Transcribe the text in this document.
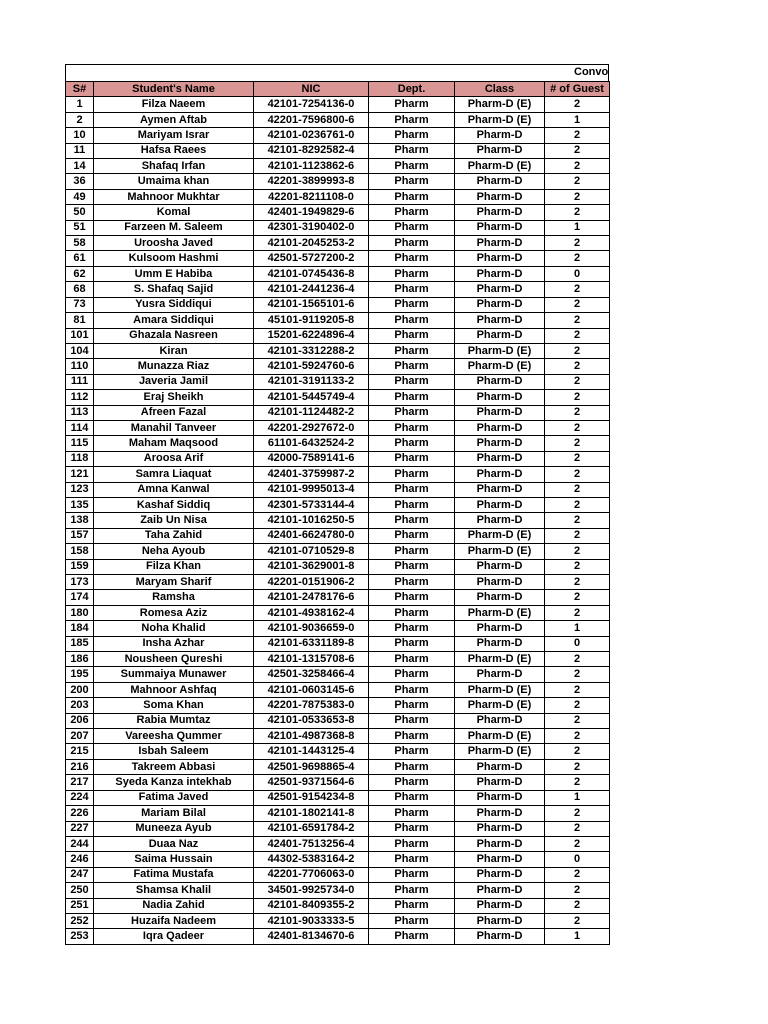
Convo
S#	Student's Name	NIC	Dept.	Class	# of Guest
1	Filza Naeem	42101-7254136-0	Pharm	Pharm-D (E)	2
2	Aymen Aftab	42201-7596800-6	Pharm	Pharm-D (E)	1
10	Mariyam Israr	42101-0236761-0	Pharm	Pharm-D	2
11	Hafsa Raees	42101-8292582-4	Pharm	Pharm-D	2
14	Shafaq Irfan	42101-1123862-6	Pharm	Pharm-D (E)	2
36	Umaima khan	42201-3899993-8	Pharm	Pharm-D	2
49	Mahnoor Mukhtar	42201-8211108-0	Pharm	Pharm-D	2
50	Komal	42401-1949829-6	Pharm	Pharm-D	2
51	Farzeen M. Saleem	42301-3190402-0	Pharm	Pharm-D	1
58	Uroosha Javed	42101-2045253-2	Pharm	Pharm-D	2
61	Kulsoom Hashmi	42501-5727200-2	Pharm	Pharm-D	2
62	Umm E Habiba	42101-0745436-8	Pharm	Pharm-D	0
68	S. Shafaq Sajid	42101-2441236-4	Pharm	Pharm-D	2
73	Yusra Siddiqui	42101-1565101-6	Pharm	Pharm-D	2
81	Amara Siddiqui	45101-9119205-8	Pharm	Pharm-D	2
101	Ghazala Nasreen	15201-6224896-4	Pharm	Pharm-D	2
104	Kiran	42101-3312288-2	Pharm	Pharm-D (E)	2
110	Munazza Riaz	42101-5924760-6	Pharm	Pharm-D (E)	2
111	Javeria Jamil	42101-3191133-2	Pharm	Pharm-D	2
112	Eraj Sheikh	42101-5445749-4	Pharm	Pharm-D	2
113	Afreen Fazal	42101-1124482-2	Pharm	Pharm-D	2
114	Manahil Tanveer	42201-2927672-0	Pharm	Pharm-D	2
115	Maham Maqsood	61101-6432524-2	Pharm	Pharm-D	2
118	Aroosa Arif	42000-7589141-6	Pharm	Pharm-D	2
121	Samra Liaquat	42401-3759987-2	Pharm	Pharm-D	2
123	Amna Kanwal	42101-9995013-4	Pharm	Pharm-D	2
135	Kashaf Siddiq	42301-5733144-4	Pharm	Pharm-D	2
138	Zaib Un Nisa	42101-1016250-5	Pharm	Pharm-D	2
157	Taha Zahid	42401-6624780-0	Pharm	Pharm-D (E)	2
158	Neha Ayoub	42101-0710529-8	Pharm	Pharm-D (E)	2
159	Filza Khan	42101-3629001-8	Pharm	Pharm-D	2
173	Maryam Sharif	42201-0151906-2	Pharm	Pharm-D	2
174	Ramsha	42101-2478176-6	Pharm	Pharm-D	2
180	Romesa Aziz	42101-4938162-4	Pharm	Pharm-D (E)	2
184	Noha Khalid	42101-9036659-0	Pharm	Pharm-D	1
185	Insha Azhar	42101-6331189-8	Pharm	Pharm-D	0
186	Nousheen Qureshi	42101-1315708-6	Pharm	Pharm-D (E)	2
195	Summaiya Munawer	42501-3258466-4	Pharm	Pharm-D	2
200	Mahnoor Ashfaq	42101-0603145-6	Pharm	Pharm-D (E)	2
203	Soma Khan	42201-7875383-0	Pharm	Pharm-D (E)	2
206	Rabia Mumtaz	42101-0533653-8	Pharm	Pharm-D	2
207	Vareesha Qummer	42101-4987368-8	Pharm	Pharm-D (E)	2
215	Isbah Saleem	42101-1443125-4	Pharm	Pharm-D (E)	2
216	Takreem Abbasi	42501-9698865-4	Pharm	Pharm-D	2
217	Syeda Kanza intekhab	42501-9371564-6	Pharm	Pharm-D	2
224	Fatima Javed	42501-9154234-8	Pharm	Pharm-D	1
226	Mariam Bilal	42101-1802141-8	Pharm	Pharm-D	2
227	Muneeza Ayub	42101-6591784-2	Pharm	Pharm-D	2
244	Duaa Naz	42401-7513256-4	Pharm	Pharm-D	2
246	Saima Hussain	44302-5383164-2	Pharm	Pharm-D	0
247	Fatima Mustafa	42201-7706063-0	Pharm	Pharm-D	2
250	Shamsa Khalil	34501-9925734-0	Pharm	Pharm-D	2
251	Nadia Zahid	42101-8409355-2	Pharm	Pharm-D	2
252	Huzaifa Nadeem	42101-9033333-5	Pharm	Pharm-D	2
253	Iqra Qadeer	42401-8134670-6	Pharm	Pharm-D	1
